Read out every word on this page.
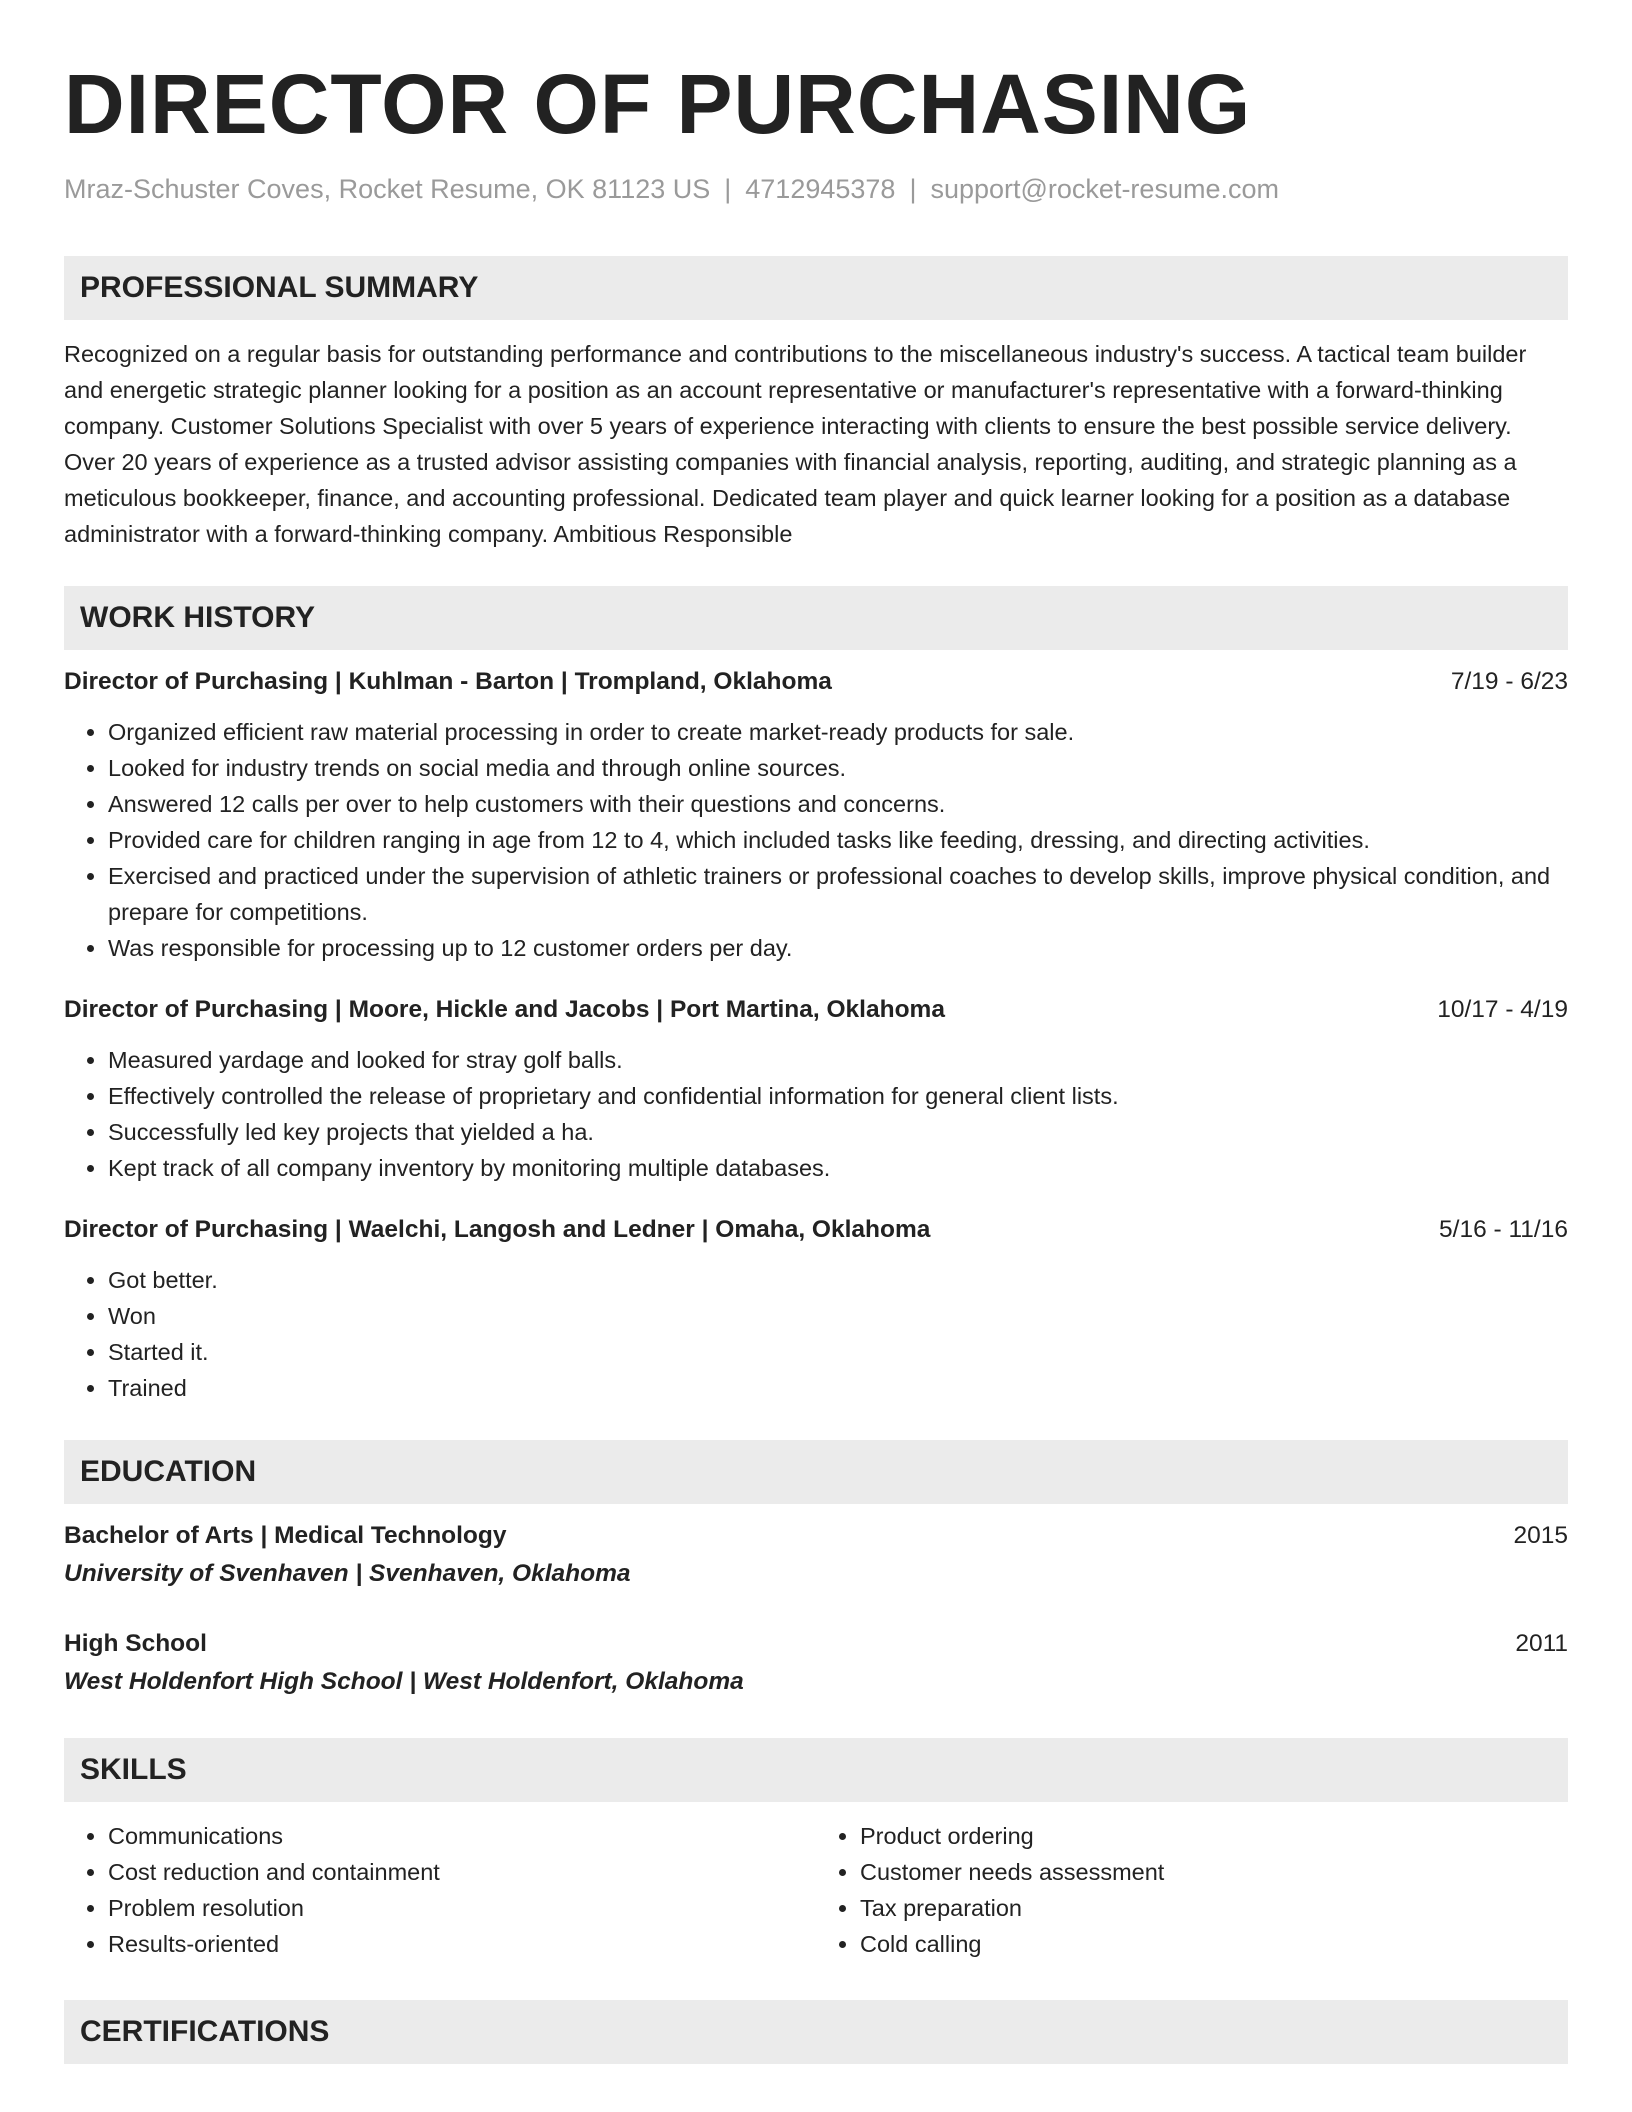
DIRECTOR OF PURCHASING
Mraz-Schuster Coves, Rocket Resume, OK 81123 US | 4712945378 | support@rocket-resume.com
PROFESSIONAL SUMMARY

Recognized on a regular basis for outstanding performance and contributions to the miscellaneous industry's success. A tactical team builder and energetic strategic planner looking for a position as an account representative or manufacturer's representative with a forward-thinking company. Customer Solutions Specialist with over 5 years of experience interacting with clients to ensure the best possible service delivery. Over 20 years of experience as a trusted advisor assisting companies with financial analysis, reporting, auditing, and strategic planning as a meticulous bookkeeper, finance, and accounting professional. Dedicated team player and quick learner looking for a position as a database administrator with a forward-thinking company. Ambitious Responsible

WORK HISTORY
Director of Purchasing | Kuhlman - Barton | Trompland, Oklahoma	7/19 - 6/23
• Organized efficient raw material processing in order to create market-ready products for sale.
• Looked for industry trends on social media and through online sources.
• Answered 12 calls per over to help customers with their questions and concerns.
• Provided care for children ranging in age from 12 to 4, which included tasks like feeding, dressing, and directing activities.
• Exercised and practiced under the supervision of athletic trainers or professional coaches to develop skills, improve physical condition, and prepare for competitions.
• Was responsible for processing up to 12 customer orders per day.
Director of Purchasing | Moore, Hickle and Jacobs | Port Martina, Oklahoma	10/17 - 4/19
• Measured yardage and looked for stray golf balls.
• Effectively controlled the release of proprietary and confidential information for general client lists.
• Successfully led key projects that yielded a ha.
• Kept track of all company inventory by monitoring multiple databases.
Director of Purchasing | Waelchi, Langosh and Ledner | Omaha, Oklahoma	5/16 - 11/16
• Got better.
• Won
• Started it.
• Trained
EDUCATION
Bachelor of Arts | Medical Technology	2015
University of Svenhaven | Svenhaven, Oklahoma
High School	2011
West Holdenfort High School | West Holdenfort, Oklahoma
SKILLS
• Communications
• Cost reduction and containment
• Problem resolution
• Results-oriented
• Product ordering
• Customer needs assessment
• Tax preparation
• Cold calling
CERTIFICATIONS
